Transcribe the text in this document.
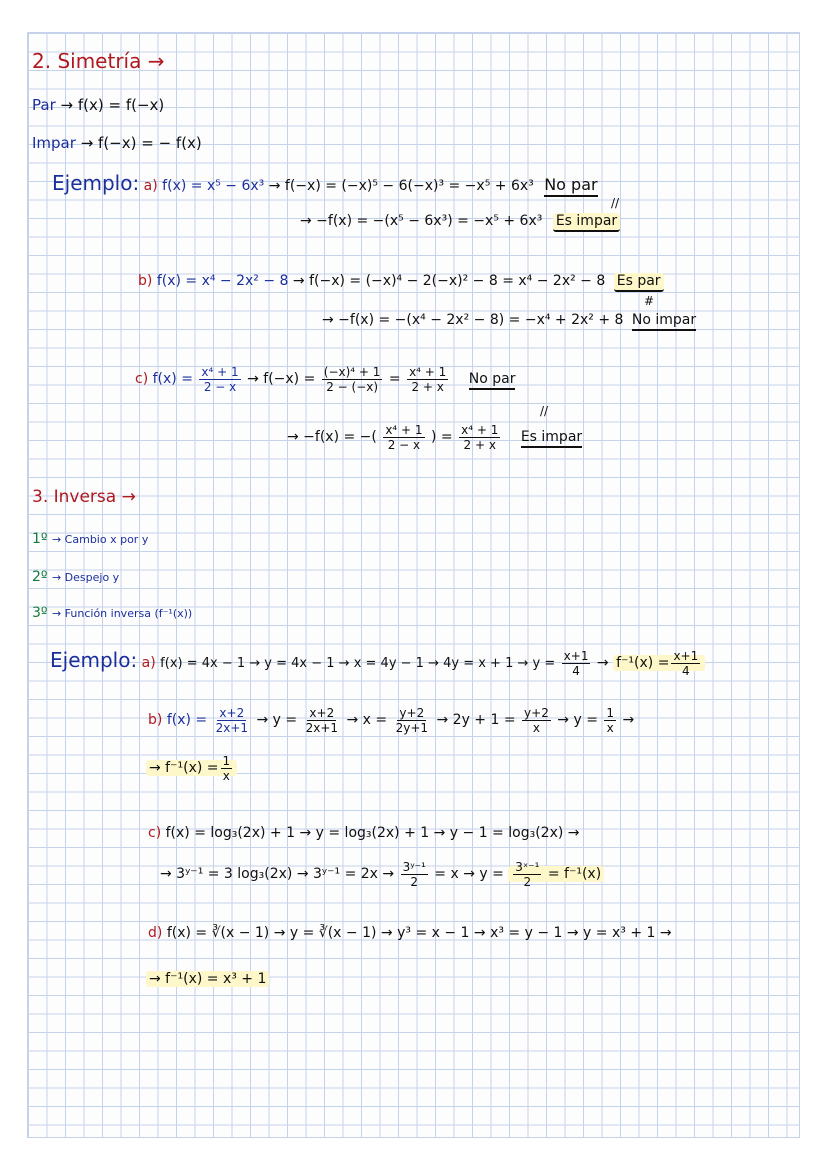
2. Simetría →
Par → f(x) = f(−x)
Impar → f(−x) = − f(x)
Ejemplo: a) f(x) = x⁵ − 6x³ → f(−x) = (−x)⁵ − 6(−x)³ = −x⁵ + 6x³ No par
//
→ −f(x) = −(x⁵ − 6x³) = −x⁵ + 6x³ Es impar
b) f(x) = x⁴ − 2x² − 8 → f(−x) = (−x)⁴ − 2(−x)² − 8 = x⁴ − 2x² − 8 Es par
#
→ −f(x) = −(x⁴ − 2x² − 8) = −x⁴ + 2x² + 8 No impar
c) $f(x) = \frac{\text{x⁴ + 1}}{2 - x} \to f(-x) = \frac{\text{(−x)⁴ + 1}}{2 - (-x)} = \frac{\text{x⁴ + 1}}{2 + x}$ No par
//
→ −f(x) = −( $\frac{\text{x⁴ + 1}}{2 - x}$ ) = $\frac{\text{x⁴ + 1}}{2 + x}$ Es impar
3. Inversa →
1º → Cambio x por y
2º → Despejo y
3º → Función inversa (f⁻¹(x))
Ejemplo: a) $f(x) = 4x - 1 \to y = 4x - 1 \to x = 4y - 1 \to 4y = x + 1 \to y = \frac{x+1}{4} \to f^{-1}(x) = \frac{x+1}{4}$
b) $f(x) = \frac{x+2}{2x+1} \to y = \frac{x+2}{2x+1} \to x = \frac{y+2}{2y+1} \to 2y + 1 = \frac{y+2}{x} \to y = \frac{1}{x}$ →
→ $f^{-1}(x) = \frac{1}{x}$
c) f(x) = log₃(2x) + 1 → y = log₃(2x) + 1 → y − 1 = log₃(2x) →
→ 3ʸ⁻¹ = 3 log₃(2x) → 3ʸ⁻¹ = $2x \to \frac{\text{3ʸ⁻¹}}{2} = x \to y = \frac{\text{3ˣ⁻¹}}{2} = f^{-1}(x)$
d) f(x) = ∛(x − 1) → y = ∛(x − 1) → y³ = x − 1 → x³ = y − 1 → y = x³ + 1 →
→ f⁻¹(x) = x³ + 1
